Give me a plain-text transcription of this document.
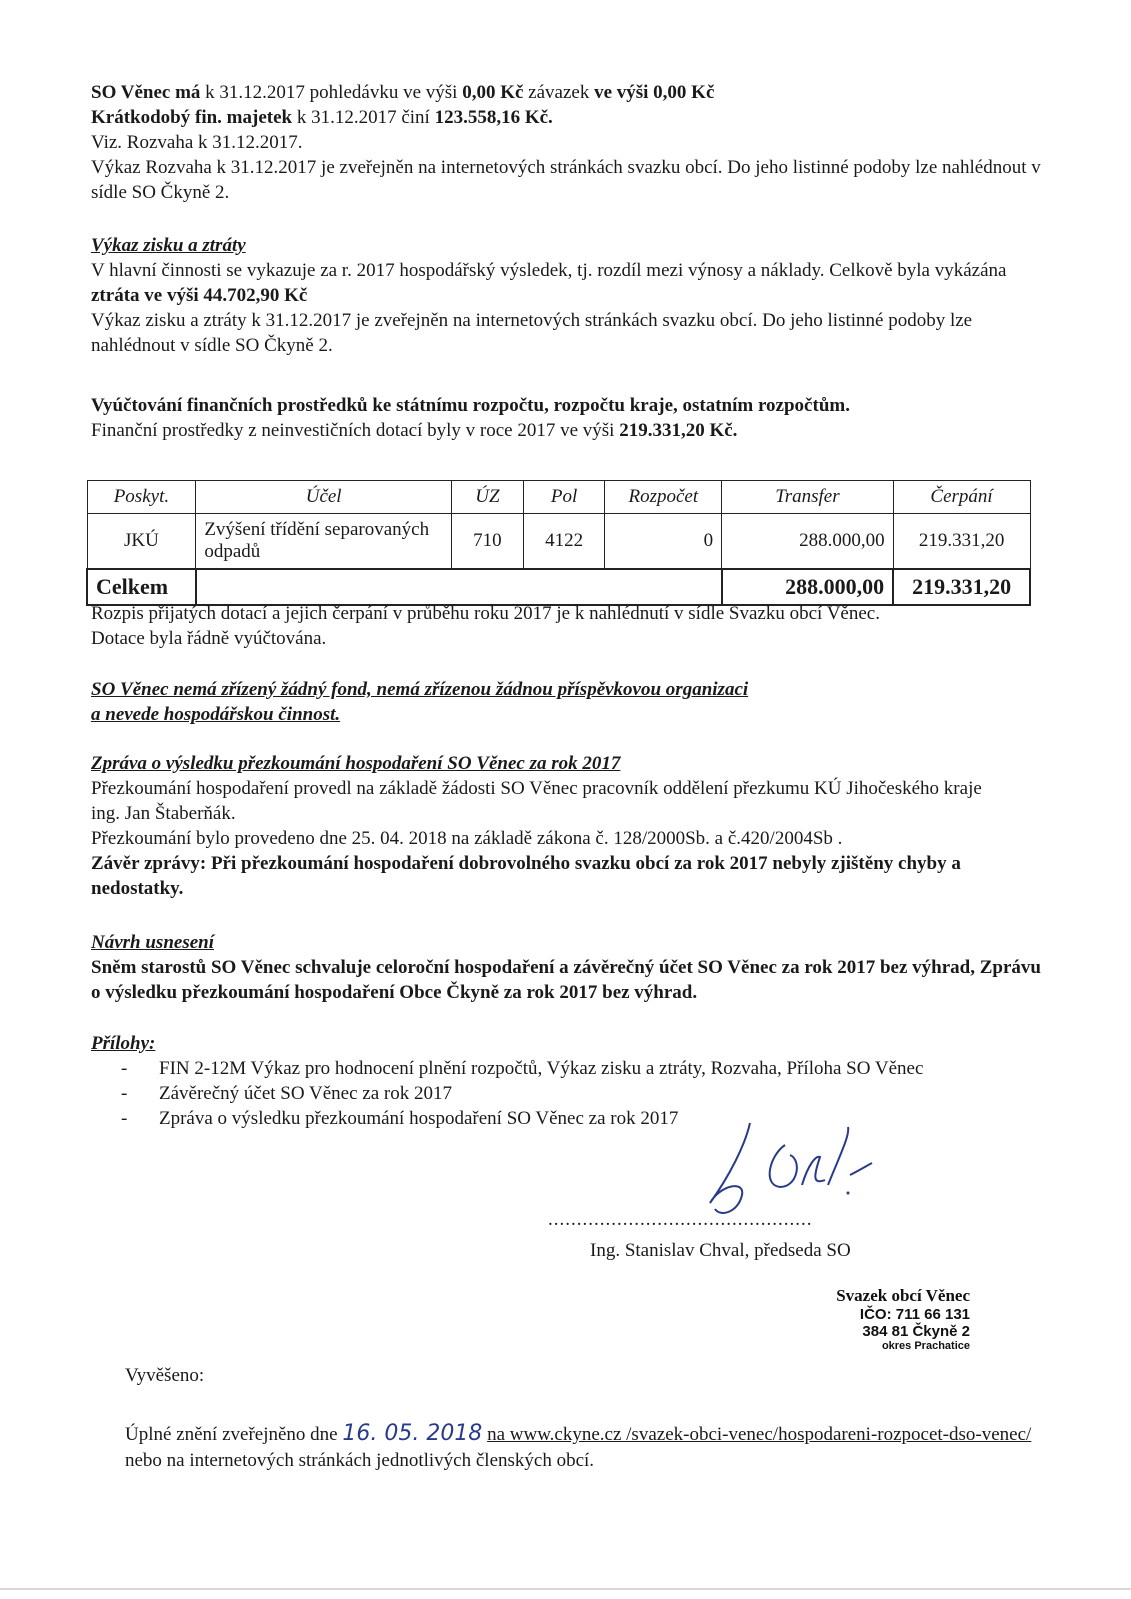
SO Věnec má k 31.12.2017 pohledávku ve výši 0,00 Kč závazek ve výši 0,00 Kč

Krátkodobý fin. majetek k 31.12.2017 činí 123.558,16 Kč.

Viz. Rozvaha k 31.12.2017.

Výkaz Rozvaha k 31.12.2017 je zveřejněn na internetových stránkách svazku obcí. Do jeho listinné podoby lze nahlédnout v sídle SO Čkyně 2.

Výkaz zisku a ztráty

V hlavní činnosti se vykazuje za r. 2017 hospodářský výsledek, tj. rozdíl mezi výnosy a náklady. Celkově byla vykázána ztráta ve výši 44.702,90 Kč

Výkaz zisku a ztráty k 31.12.2017 je zveřejněn na internetových stránkách svazku obcí. Do jeho listinné podoby lze nahlédnout v sídle SO Čkyně 2.

Vyúčtování finančních prostředků ke státnímu rozpočtu, rozpočtu kraje, ostatním rozpočtům.

Finanční prostředky z neinvestičních dotací byly v roce 2017 ve výši 219.331,20 Kč.

Poskyt.	Účel	ÚZ	Pol	Rozpočet	Transfer	Čerpání
JKÚ	Zvýšení třídění separovaných odpadů	710	4122	0	288.000,00	219.331,20
Celkem					288.000,00	219.331,20

Rozpis přijatých dotací a jejich čerpání v průběhu roku 2017 je k nahlédnutí v sídle Svazku obcí Věnec.

Dotace byla řádně vyúčtována.

SO Věnec nemá zřízený žádný fond, nemá zřízenou žádnou příspěvkovou organizaci

a nevede hospodářskou činnost.

Zpráva o výsledku přezkoumání hospodaření SO Věnec za rok 2017

Přezkoumání hospodaření provedl na základě žádosti SO Věnec pracovník oddělení přezkumu KÚ Jihočeského kraje ing. Jan Štaberňák.

Přezkoumání bylo provedeno dne 25. 04. 2018 na základě zákona č. 128/2000Sb. a č.420/2004Sb .

Závěr zprávy: Při přezkoumání hospodaření dobrovolného svazku obcí za rok 2017 nebyly zjištěny chyby a nedostatky.

Návrh usnesení

Sněm starostů SO Věnec schvaluje celoroční hospodaření a závěrečný účet SO Věnec za rok 2017 bez výhrad, Zprávu o výsledku přezkoumání hospodaření Obce Čkyně za rok 2017 bez výhrad.

Přílohy:

- FIN 2-12M Výkaz pro hodnocení plnění rozpočtů, Výkaz zisku a ztráty, Rozvaha, Příloha SO Věnec
- Závěrečný účet SO Věnec za rok 2017
- Zpráva o výsledku přezkoumání hospodaření SO Věnec za rok 2017
..............................................
Ing. Stanislav Chval, předseda SO
Svazek obcí Věnec
IČO: 711 66 131
384 81 Čkyně 2
okres Prachatice
Vyvěšeno:
Úplné znění zveřejněno dne 16. 05. 2018 na www.ckyne.cz /svazek-obci-venec/hospodareni-rozpocet-dso-venec/ nebo na internetových stránkách jednotlivých členských obcí.
